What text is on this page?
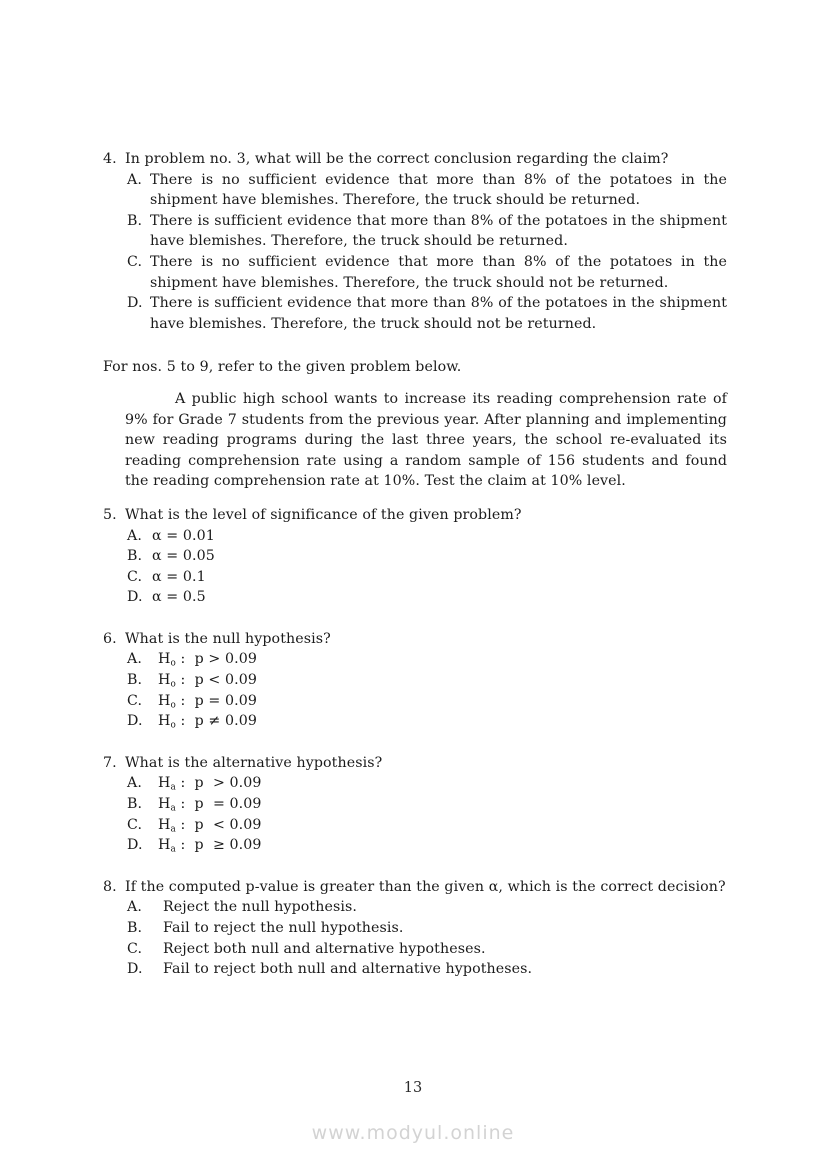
4. In problem no. 3, what will be the correct conclusion regarding the claim?
A. There is no sufficient evidence that more than 8% of the potatoes in the shipment have blemishes. Therefore, the truck should be returned.
B. There is sufficient evidence that more than 8% of the potatoes in the shipment have blemishes. Therefore, the truck should be returned.
C. There is no sufficient evidence that more than 8% of the potatoes in the shipment have blemishes. Therefore, the truck should not be returned.
D. There is sufficient evidence that more than 8% of the potatoes in the shipment have blemishes. Therefore, the truck should not be returned.

For nos. 5 to 9, refer to the given problem below.

A public high school wants to increase its reading comprehension rate of 9% for Grade 7 students from the previous year. After planning and implementing new reading programs during the last three years, the school re-evaluated its reading comprehension rate using a random sample of 156 students and found the reading comprehension rate at 10%. Test the claim at 10% level.

5. What is the level of significance of the given problem?
A. α = 0.01
B. α = 0.05
C. α = 0.1
D. α = 0.5
6. What is the null hypothesis?
A.	$H_o$ :  p > 0.09
B.	$H_o$ :  p < 0.09
C.	$H_o$ :  p = 0.09
D.	$H_o$ :  p ≠ 0.09
7. What is the alternative hypothesis?
A.	$H_a$ :  p  > 0.09
B.	$H_a$ :  p  = 0.09
C.	$H_a$ :  p  < 0.09
D.	$H_a$ :  p  ≥ 0.09
8. If the computed p-value is greater than the given α, which is the correct decision?
A.	Reject the null hypothesis.
B.	Fail to reject the null hypothesis.
C.	Reject both null and alternative hypotheses.
D.	Fail to reject both null and alternative hypotheses.
13
www.modyul.online
